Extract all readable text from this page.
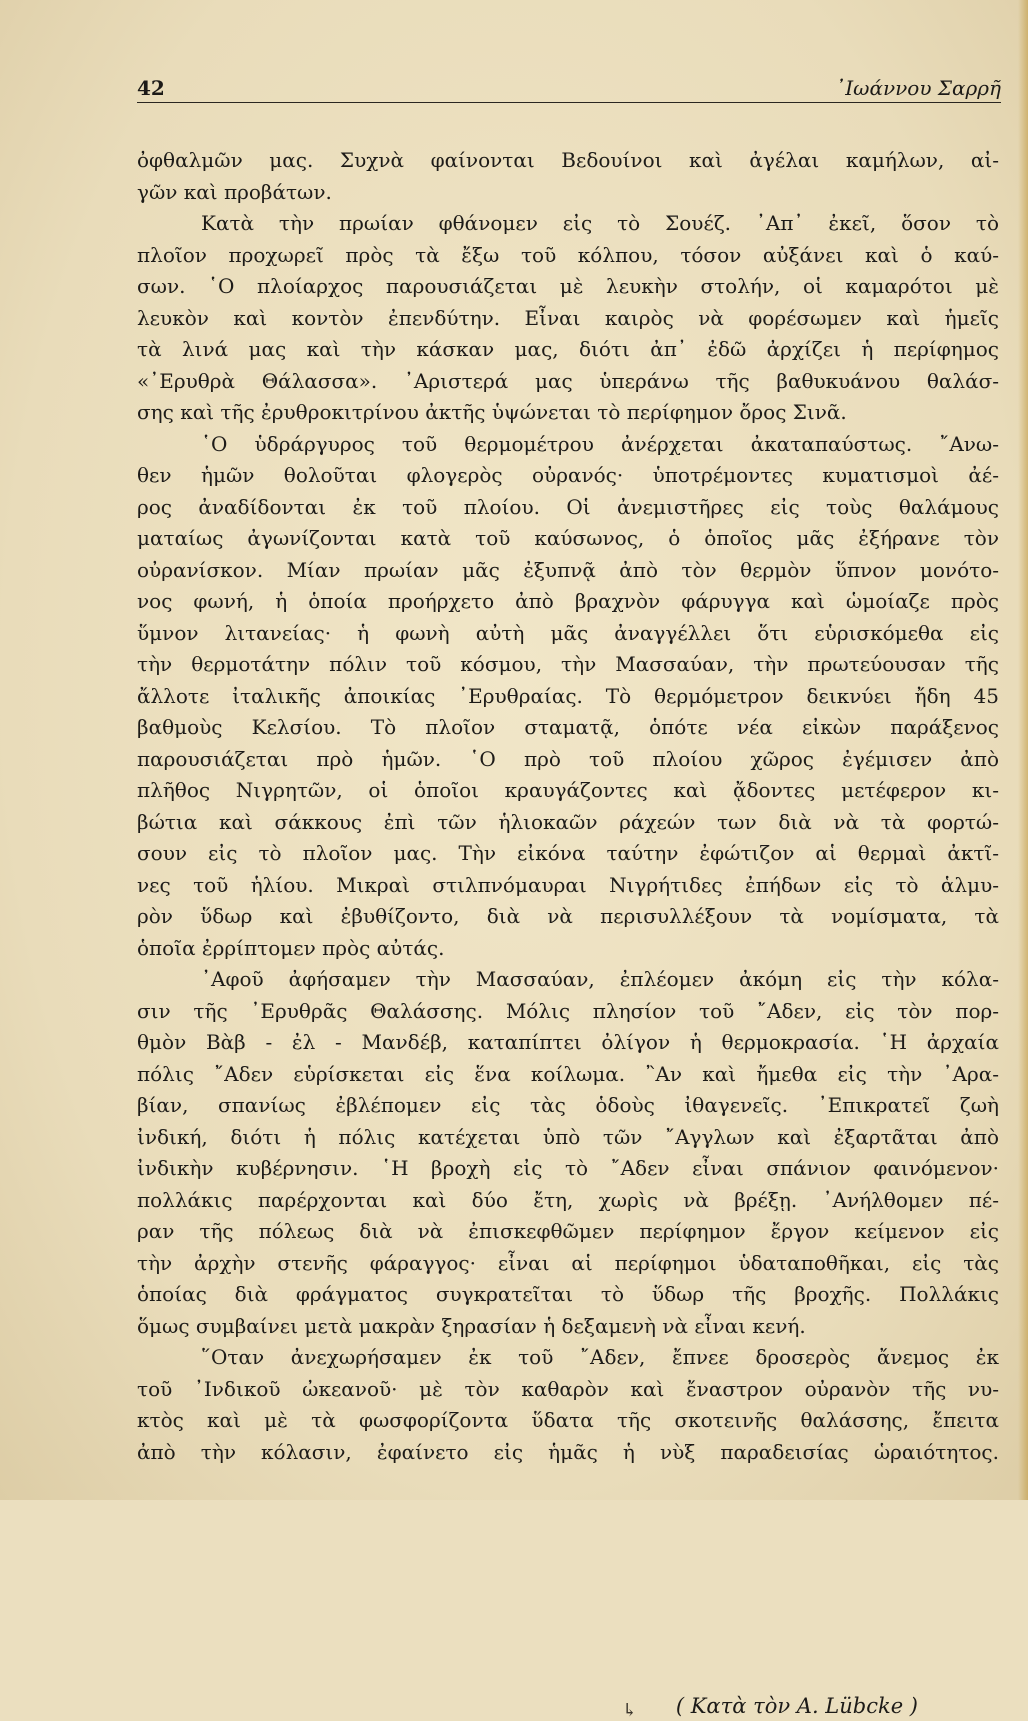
42	᾿Ιωάννου Σαρρῆ
ὀφθαλμῶν μας. Συχνὰ φαίνονται Βεδουίνοι καὶ ἀγέλαι καμήλων, αἰ-
γῶν καὶ προβάτων.
Κατὰ τὴν πρωίαν φθάνομεν εἰς τὸ Σουέζ. ᾿Απ᾿ ἐκεῖ, ὅσον τὸ
πλοῖον προχωρεῖ πρὸς τὰ ἔξω τοῦ κόλπου, τόσον αὐξάνει καὶ ὁ καύ-
σων. ῾Ο πλοίαρχος παρουσιάζεται μὲ λευκὴν στολήν, οἱ καμαρότοι μὲ
λευκὸν καὶ κοντὸν ἐπενδύτην. Εἶναι καιρὸς νὰ φορέσωμεν καὶ ἡμεῖς
τὰ λινά μας καὶ τὴν κάσκαν μας, διότι ἀπ᾿ ἐδῶ ἀρχίζει ἡ περίφημος
«᾿Ερυθρὰ Θάλασσα». ᾿Αριστερά μας ὑπεράνω τῆς βαθυκυάνου θαλάσ-
σης καὶ τῆς ἐρυθροκιτρίνου ἀκτῆς ὑψώνεται τὸ περίφημον ὄρος Σινᾶ.
῾Ο ὑδράργυρος τοῦ θερμομέτρου ἀνέρχεται ἀκαταπαύστως. ῎Ανω-
θεν ἡμῶν θολοῦται φλογερὸς οὐρανός· ὑποτρέμοντες κυματισμοὶ ἀέ-
ρος ἀναδίδονται ἐκ τοῦ πλοίου. Οἱ ἀνεμιστῆρες εἰς τοὺς θαλάμους
ματαίως ἀγωνίζονται κατὰ τοῦ καύσωνος, ὁ ὁποῖος μᾶς ἐξήρανε τὸν
οὐρανίσκον. Μίαν πρωίαν μᾶς ἐξυπνᾷ ἀπὸ τὸν θερμὸν ὕπνον μονότο-
νος φωνή, ἡ ὁποία προήρχετο ἀπὸ βραχνὸν φάρυγγα καὶ ὡμοίαζε πρὸς
ὕμνον λιτανείας· ἡ φωνὴ αὐτὴ μᾶς ἀναγγέλλει ὅτι εὑρισκόμεθα εἰς
τὴν θερμοτάτην πόλιν τοῦ κόσμου, τὴν Μασσαύαν, τὴν πρωτεύουσαν τῆς
ἄλλοτε ἰταλικῆς ἀποικίας ᾿Ερυθραίας. Τὸ θερμόμετρον δεικνύει ἤδη 45
βαθμοὺς Κελσίου. Τὸ πλοῖον σταματᾷ, ὁπότε νέα εἰκὼν παράξενος
παρουσιάζεται πρὸ ἡμῶν. ῾Ο πρὸ τοῦ πλοίου χῶρος ἐγέμισεν ἀπὸ
πλῆθος Νιγρητῶν, οἱ ὁποῖοι κραυγάζοντες καὶ ᾄδοντες μετέφερον κι-
βώτια καὶ σάκκους ἐπὶ τῶν ἡλιοκαῶν ράχεών των διὰ νὰ τὰ φορτώ-
σουν εἰς τὸ πλοῖον μας. Τὴν εἰκόνα ταύτην ἐφώτιζον αἱ θερμαὶ ἀκτῖ-
νες τοῦ ἡλίου. Μικραὶ στιλπνόμαυραι Νιγρήτιδες ἐπήδων εἰς τὸ ἁλμυ-
ρὸν ὕδωρ καὶ ἐβυθίζοντο, διὰ νὰ περισυλλέξουν τὰ νομίσματα, τὰ
ὁποῖα ἐρρίπτομεν πρὸς αὐτάς.
᾿Αφοῦ ἀφήσαμεν τὴν Μασσαύαν, ἐπλέομεν ἀκόμη εἰς τὴν κόλα-
σιν τῆς ᾿Ερυθρᾶς Θαλάσσης. Μόλις πλησίον τοῦ ῎Αδεν, εἰς τὸν πορ-
θμὸν Βὰβ - ἐλ - Μανδέβ, καταπίπτει ὀλίγον ἡ θερμοκρασία. ῾Η ἀρχαία
πόλις ῎Αδεν εὑρίσκεται εἰς ἕνα κοίλωμα. ῍Αν καὶ ἤμεθα εἰς τὴν ᾿Αρα-
βίαν, σπανίως ἐβλέπομεν εἰς τὰς ὁδοὺς ἰθαγενεῖς. ᾿Επικρατεῖ ζωὴ
ἰνδική, διότι ἡ πόλις κατέχεται ὑπὸ τῶν ῎Αγγλων καὶ ἐξαρτᾶται ἀπὸ
ἰνδικὴν κυβέρνησιν. ῾Η βροχὴ εἰς τὸ ῎Αδεν εἶναι σπάνιον φαινόμενον·
πολλάκις παρέρχονται καὶ δύο ἔτη, χωρὶς νὰ βρέξῃ. ᾿Ανήλθομεν πέ-
ραν τῆς πόλεως διὰ νὰ ἐπισκεφθῶμεν περίφημον ἔργον κείμενον εἰς
τὴν ἀρχὴν στενῆς φάραγγος· εἶναι αἱ περίφημοι ὑδαταποθῆκαι, εἰς τὰς
ὁποίας διὰ φράγματος συγκρατεῖται τὸ ὕδωρ τῆς βροχῆς. Πολλάκις
ὅμως συμβαίνει μετὰ μακρὰν ξηρασίαν ἡ δεξαμενὴ νὰ εἶναι κενή.
῞Οταν ἀνεχωρήσαμεν ἐκ τοῦ ῎Αδεν, ἔπνεε δροσερὸς ἄνεμος ἐκ
τοῦ ᾿Ινδικοῦ ὠκεανοῦ· μὲ τὸν καθαρὸν καὶ ἔναστρον οὐρανὸν τῆς νυ-
κτὸς καὶ μὲ τὰ φωσφορίζοντα ὕδατα τῆς σκοτεινῆς θαλάσσης, ἔπειτα
ἀπὸ τὴν κόλασιν, ἐφαίνετο εἰς ἡμᾶς ἡ νὺξ παραδεισίας ὡραιότητος.
( Κατὰ τὸν Α. Lübcke )
↳
